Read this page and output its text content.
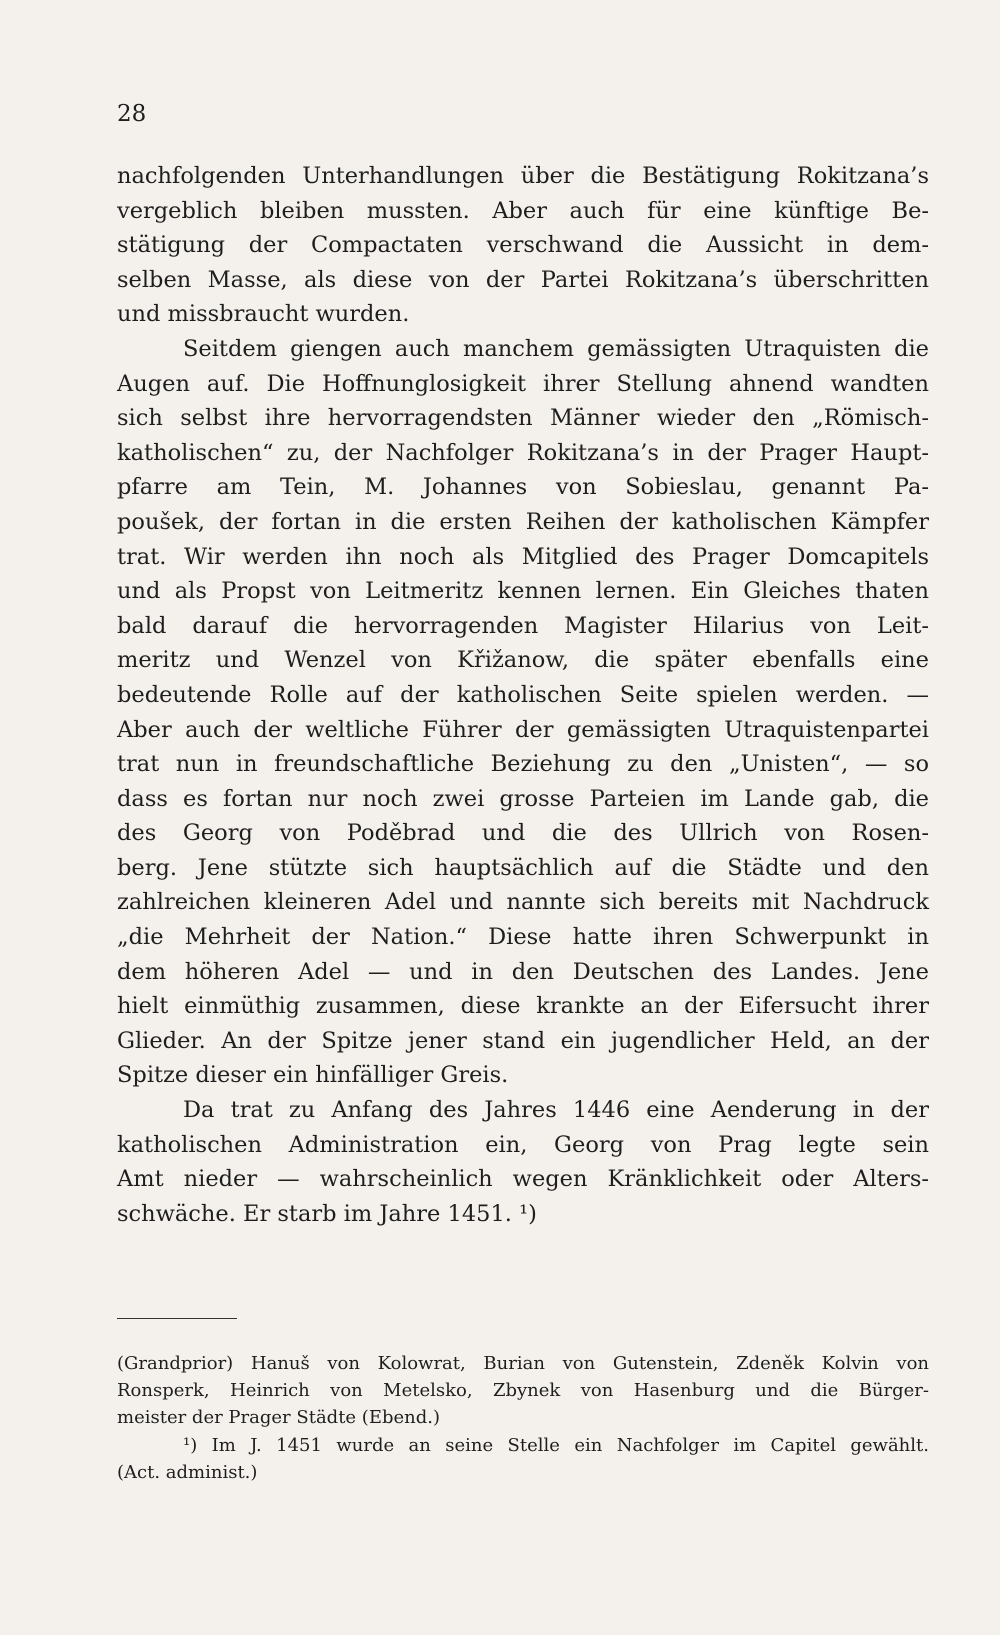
28
nachfolgenden Unterhandlungen über die Bestätigung Rokitzana’s
vergeblich bleiben mussten. Aber auch für eine künftige Be-
stätigung der Compactaten verschwand die Aussicht in dem-
selben Masse, als diese von der Partei Rokitzana’s überschritten
und missbraucht wurden.
Seitdem giengen auch manchem gemässigten Utraquisten die
Augen auf. Die Hoffnunglosigkeit ihrer Stellung ahnend wandten
sich selbst ihre hervorragendsten Männer wieder den „Römisch-
katholischen“ zu, der Nachfolger Rokitzana’s in der Prager Haupt-
pfarre am Tein, M. Johannes von Sobieslau, genannt Pa-
poušek, der fortan in die ersten Reihen der katholischen Kämpfer
trat. Wir werden ihn noch als Mitglied des Prager Domcapitels
und als Propst von Leitmeritz kennen lernen. Ein Gleiches thaten
bald darauf die hervorragenden Magister Hilarius von Leit-
meritz und Wenzel von Křižanow, die später ebenfalls eine
bedeutende Rolle auf der katholischen Seite spielen werden. —
Aber auch der weltliche Führer der gemässigten Utraquistenpartei
trat nun in freundschaftliche Beziehung zu den „Unisten“, — so
dass es fortan nur noch zwei grosse Parteien im Lande gab, die
des Georg von Poděbrad und die des Ullrich von Rosen-
berg. Jene stützte sich hauptsächlich auf die Städte und den
zahlreichen kleineren Adel und nannte sich bereits mit Nachdruck
„die Mehrheit der Nation.“ Diese hatte ihren Schwerpunkt in
dem höheren Adel — und in den Deutschen des Landes. Jene
hielt einmüthig zusammen, diese krankte an der Eifersucht ihrer
Glieder. An der Spitze jener stand ein jugendlicher Held, an der
Spitze dieser ein hinfälliger Greis.
Da trat zu Anfang des Jahres 1446 eine Aenderung in der
katholischen Administration ein, Georg von Prag legte sein
Amt nieder — wahrscheinlich wegen Kränklichkeit oder Alters-
schwäche. Er starb im Jahre 1451. ¹)
(Grandprior) Hanuš von Kolowrat, Burian von Gutenstein, Zdeněk Kolvin von
Ronsperk, Heinrich von Metelsko, Zbynek von Hasenburg und die Bürger-
meister der Prager Städte (Ebend.)
¹) Im J. 1451 wurde an seine Stelle ein Nachfolger im Capitel gewählt.
(Act. administ.)
